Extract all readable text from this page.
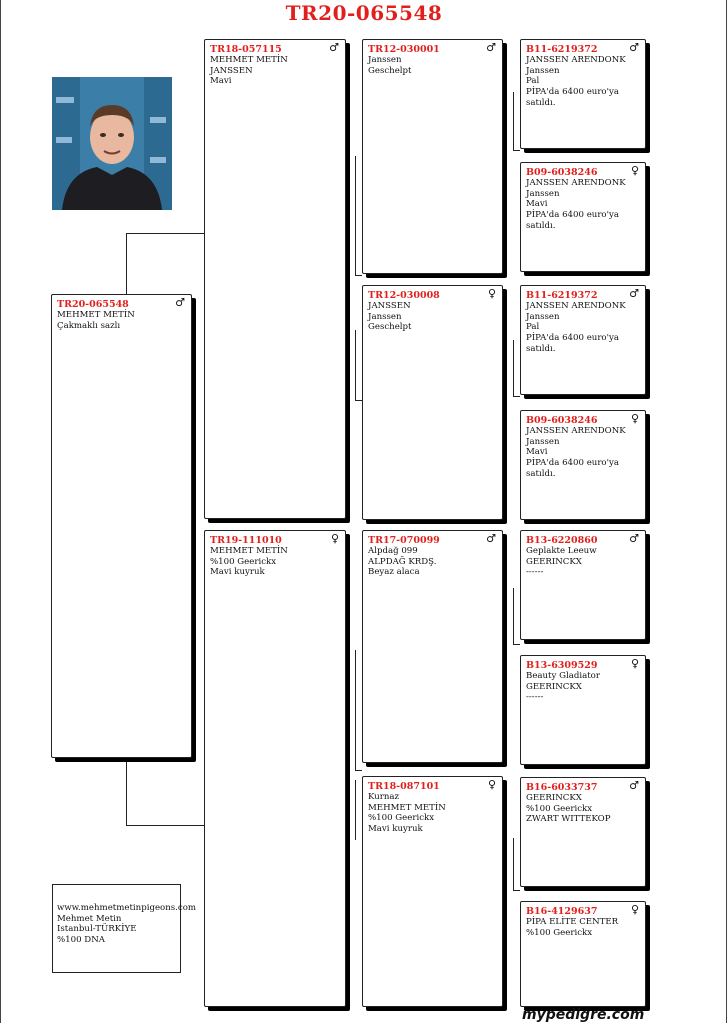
TR20-065548
TR20-065548	♂
MEHMET METİN
Çakmaklı sazlı
TR18-057115	♂
MEHMET METİN
JANSSEN
Mavi
TR19-111010	♀
MEHMET METİN
%100 Geerickx
Mavi kuyruk
TR12-030001	♂
Janssen
Geschelpt
TR12-030008	♀
JANSSEN
Janssen
Geschelpt
TR17-070099	♂
Alpdağ 099
ALPDAĞ KRDŞ.
Beyaz alaca
TR18-087101	♀
Kurnaz
MEHMET METİN
%100 Geerickx
Mavi kuyruk
B11-6219372	♂
JANSSEN ARENDONK
Janssen
Pal
PİPA'da 6400 euro'ya
satıldı.
B09-6038246	♀
JANSSEN ARENDONK
Janssen
Mavi
PİPA'da 6400 euro'ya
satıldı.
B11-6219372	♂
JANSSEN ARENDONK
Janssen
Pal
PİPA'da 6400 euro'ya
satıldı.
B09-6038246	♀
JANSSEN ARENDONK
Janssen
Mavi
PİPA'da 6400 euro'ya
satıldı.
B13-6220860	♂
Geplakte Leeuw
GEERINCKX
------
B13-6309529	♀
Beauty Gladiator
GEERINCKX
------
B16-6033737	♂
GEERINCKX
%100 Geerickx
ZWART WITTEKOP
B16-4129637	♀
PİPA ELİTE CENTER
%100 Geerickx
www.mehmetmetinpigeons.com
Mehmet Metin
Istanbul-TÜRKİYE
%100 DNA
mypedigre.com
